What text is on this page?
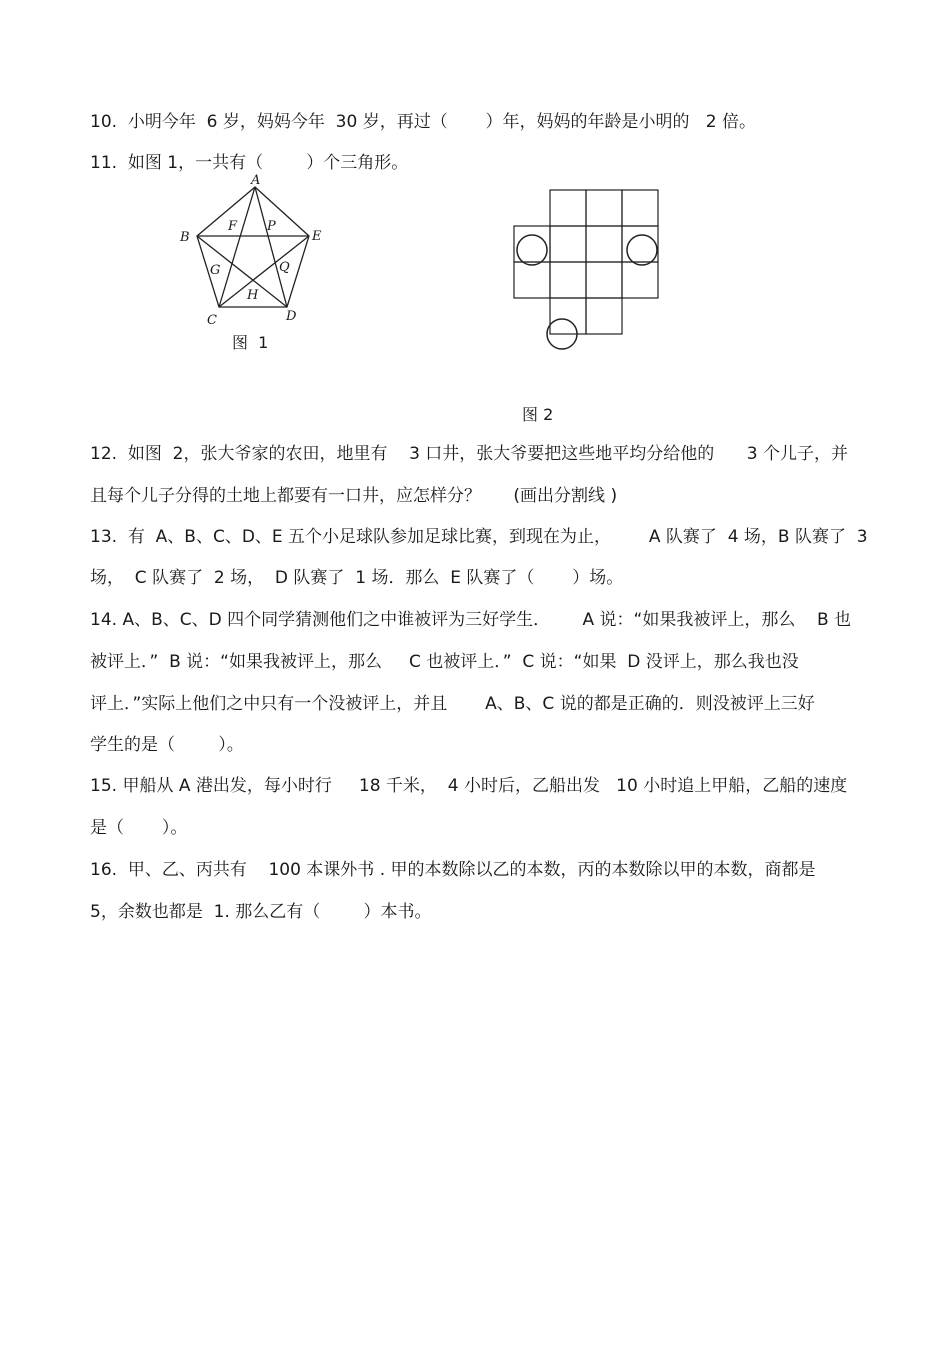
10.  小明今年  6 岁，妈妈今年  30 岁，再过（       ）年，妈妈的年龄是小明的   2 倍。
11.  如图 1，一共有（        ）个三角形。
A
B
C	D
E
F P
G	Q
H
图  1
图 2
12.  如图  2，张大爷家的农田，地里有    3 口井，张大爷要把这些地平均分给他的      3 个儿子，并
且每个儿子分得的土地上都要有一口井，应怎样分？      (画出分割线 )
13.  有  A、B、C、D、E 五个小足球队参加足球比赛，到现在为止，       A 队赛了  4 场，B 队赛了  3
场，  C 队赛了  2 场，  D 队赛了  1 场．那么  E 队赛了（       ）场。
14. A、B、C、D 四个同学猜测他们之中谁被评为三好学生．      A 说：“如果我被评上，那么    B 也
被评上．”  B 说：“如果我被评上，那么     C 也被评上．”  C 说：“如果  D 没评上，那么我也没
评上．”实际上他们之中只有一个没被评上，并且       A、B、C 说的都是正确的．则没被评上三好
学生的是（        ）。
15. 甲船从 A 港出发，每小时行     18 千米，  4 小时后，乙船出发   10 小时追上甲船，乙船的速度
是（       ）。
16.  甲、乙、丙共有    100 本课外书 . 甲的本数除以乙的本数，丙的本数除以甲的本数，商都是
5，余数也都是  1. 那么乙有（        ）本书。
